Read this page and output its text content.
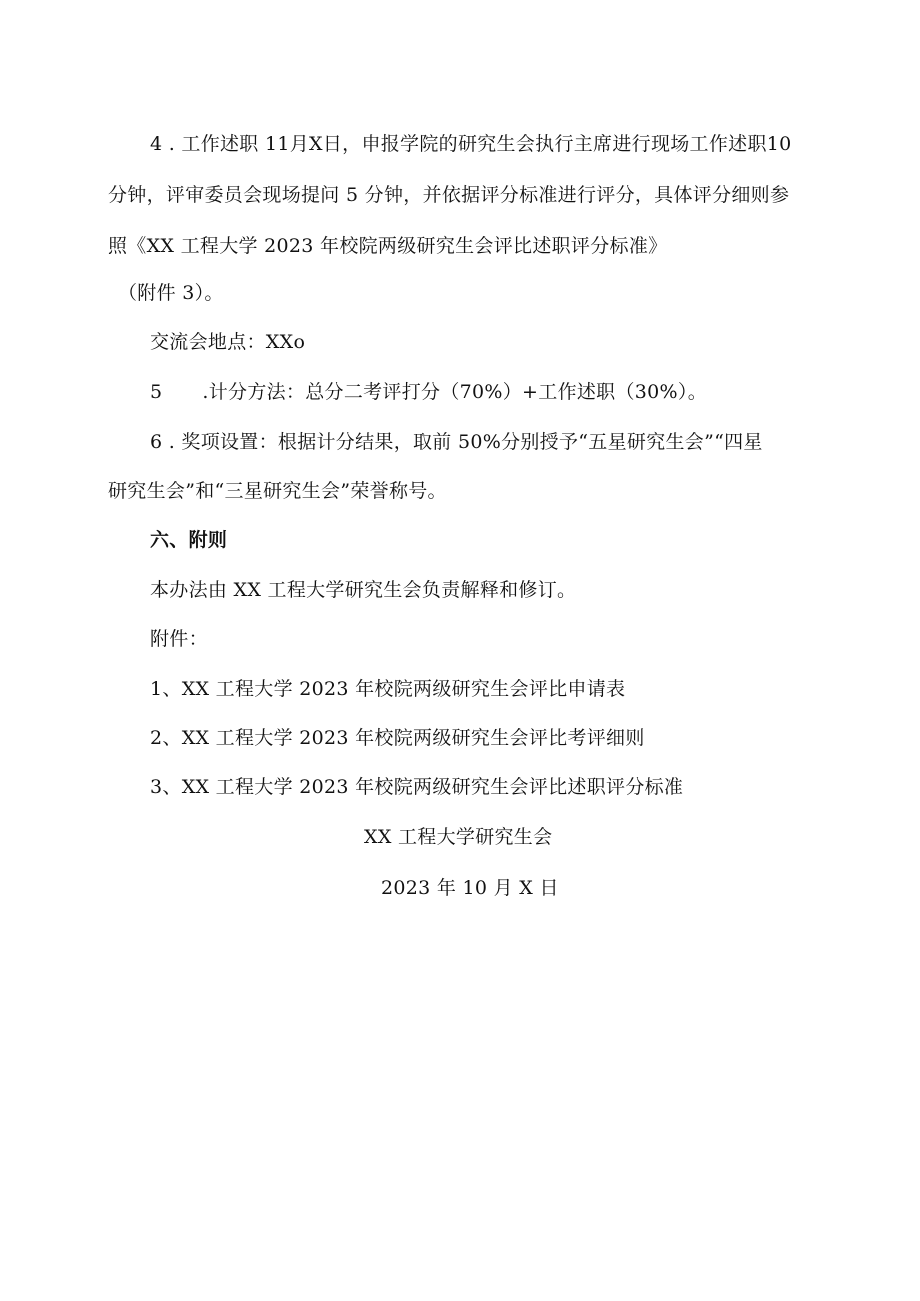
4 . 工作述职 11月X日，申报学院的研究生会执行主席进行现场工作述职10
分钟，评审委员会现场提问 5 分钟，并依据评分标准进行评分，具体评分细则参
照《XX 工程大学 2023 年校院两级研究生会评比述职评分标准》
（附件 3）。
交流会地点：XXo
5 .计分方法：总分二考评打分（70%）+工作述职（30%）。
6 . 奖项设置：根据计分结果，取前 50%分别授予“五星研究生会”“四星
研究生会”和“三星研究生会”荣誉称号。
六、附则
本办法由 XX 工程大学研究生会负责解释和修订。
附件：
1、XX 工程大学 2023 年校院两级研究生会评比申请表
2、XX 工程大学 2023 年校院两级研究生会评比考评细则
3、XX 工程大学 2023 年校院两级研究生会评比述职评分标准
XX 工程大学研究生会
2023 年 10 月 X 日
